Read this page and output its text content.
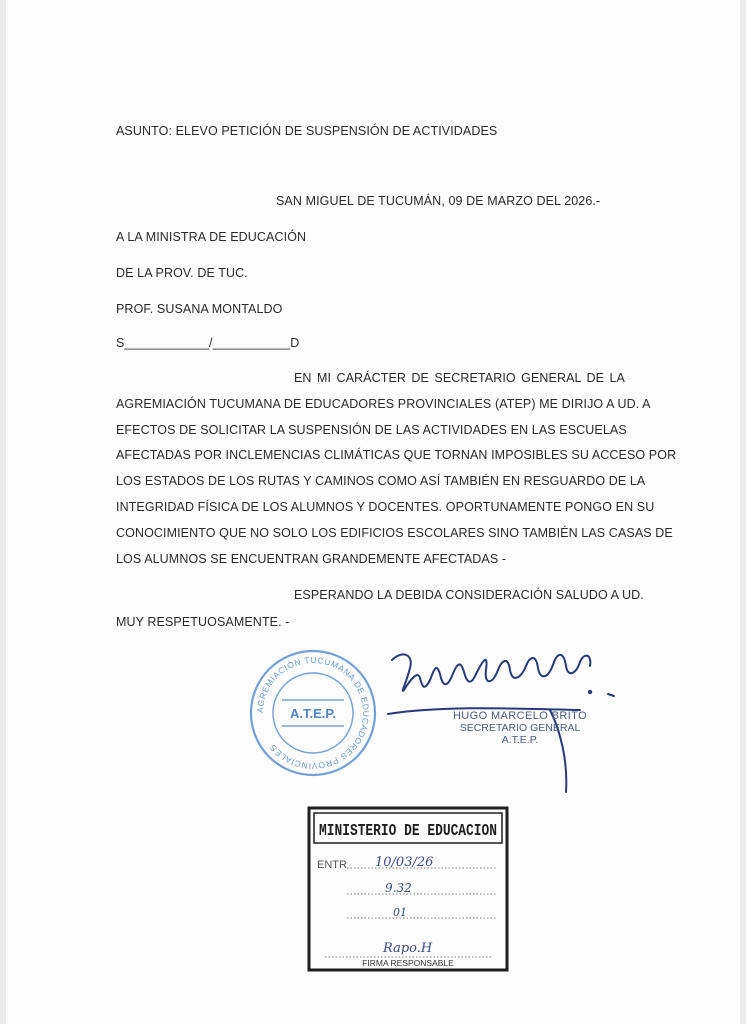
ASUNTO: ELEVO PETICIÓN DE SUSPENSIÓN DE ACTIVIDADES
SAN MIGUEL DE TUCUMÁN, 09 DE MARZO DEL 2026.-
A LA MINISTRA DE EDUCACIÓN
DE LA PROV. DE TUC.
PROF. SUSANA MONTALDO
S____________/___________D
EN MI CARÁCTER DE SECRETARIO GENERAL DE LA
AGREMIACIÓN TUCUMANA DE EDUCADORES PROVINCIALES (ATEP) ME DIRIJO A UD. A
EFECTOS DE SOLICITAR LA SUSPENSIÓN DE LAS ACTIVIDADES EN LAS ESCUELAS
AFECTADAS POR INCLEMENCIAS CLIMÁTICAS QUE TORNAN IMPOSIBLES SU ACCESO POR
LOS ESTADOS DE LOS RUTAS Y CAMINOS COMO ASÍ TAMBIÉN EN RESGUARDO DE LA
INTEGRIDAD FÍSICA DE LOS ALUMNOS Y DOCENTES. OPORTUNAMENTE PONGO EN SU
CONOCIMIENTO QUE NO SOLO LOS EDIFICIOS ESCOLARES SINO TAMBIÉN LAS CASAS DE
LOS ALUMNOS SE ENCUENTRAN GRANDEMENTE AFECTADAS -
ESPERANDO LA DEBIDA CONSIDERACIÓN SALUDO A UD.
MUY RESPETUOSAMENTE. -
AGREMIACIÓN TUCUMANA DE EDUCADORES PROVINCIALES
A.T.E.P.	HUGO MARCELO BRITO
SECRETARIO GENERAL
A.T.E.P.
MINISTERIO DE EDUCACION
ENTR 10/03/26
9.32
01
Rapo.H
FIRMA RESPONSABLE
